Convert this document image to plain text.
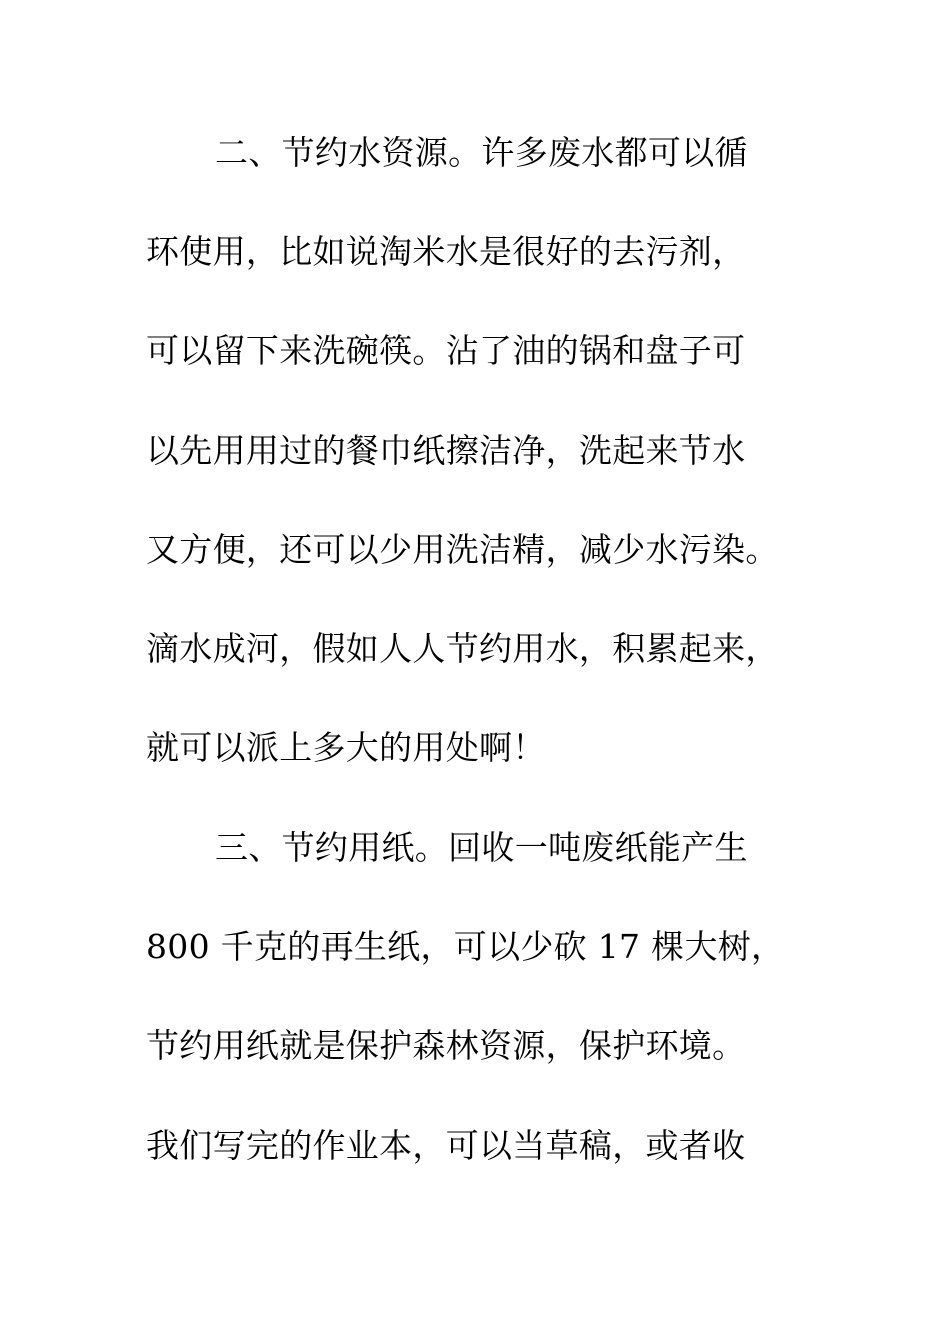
二、节约水资源。许多废水都可以循
环使用，比如说淘米水是很好的去污剂，
可以留下来洗碗筷。沾了油的锅和盘子可
以先用用过的餐巾纸擦洁净，洗起来节水
又方便，还可以少用洗洁精，减少水污染。
滴水成河，假如人人节约用水，积累起来，
就可以派上多大的用处啊！
三、节约用纸。回收一吨废纸能产生
800 千克的再生纸，可以少砍 17 棵大树，
节约用纸就是保护森林资源，保护环境。
我们写完的作业本，可以当草稿，或者收
